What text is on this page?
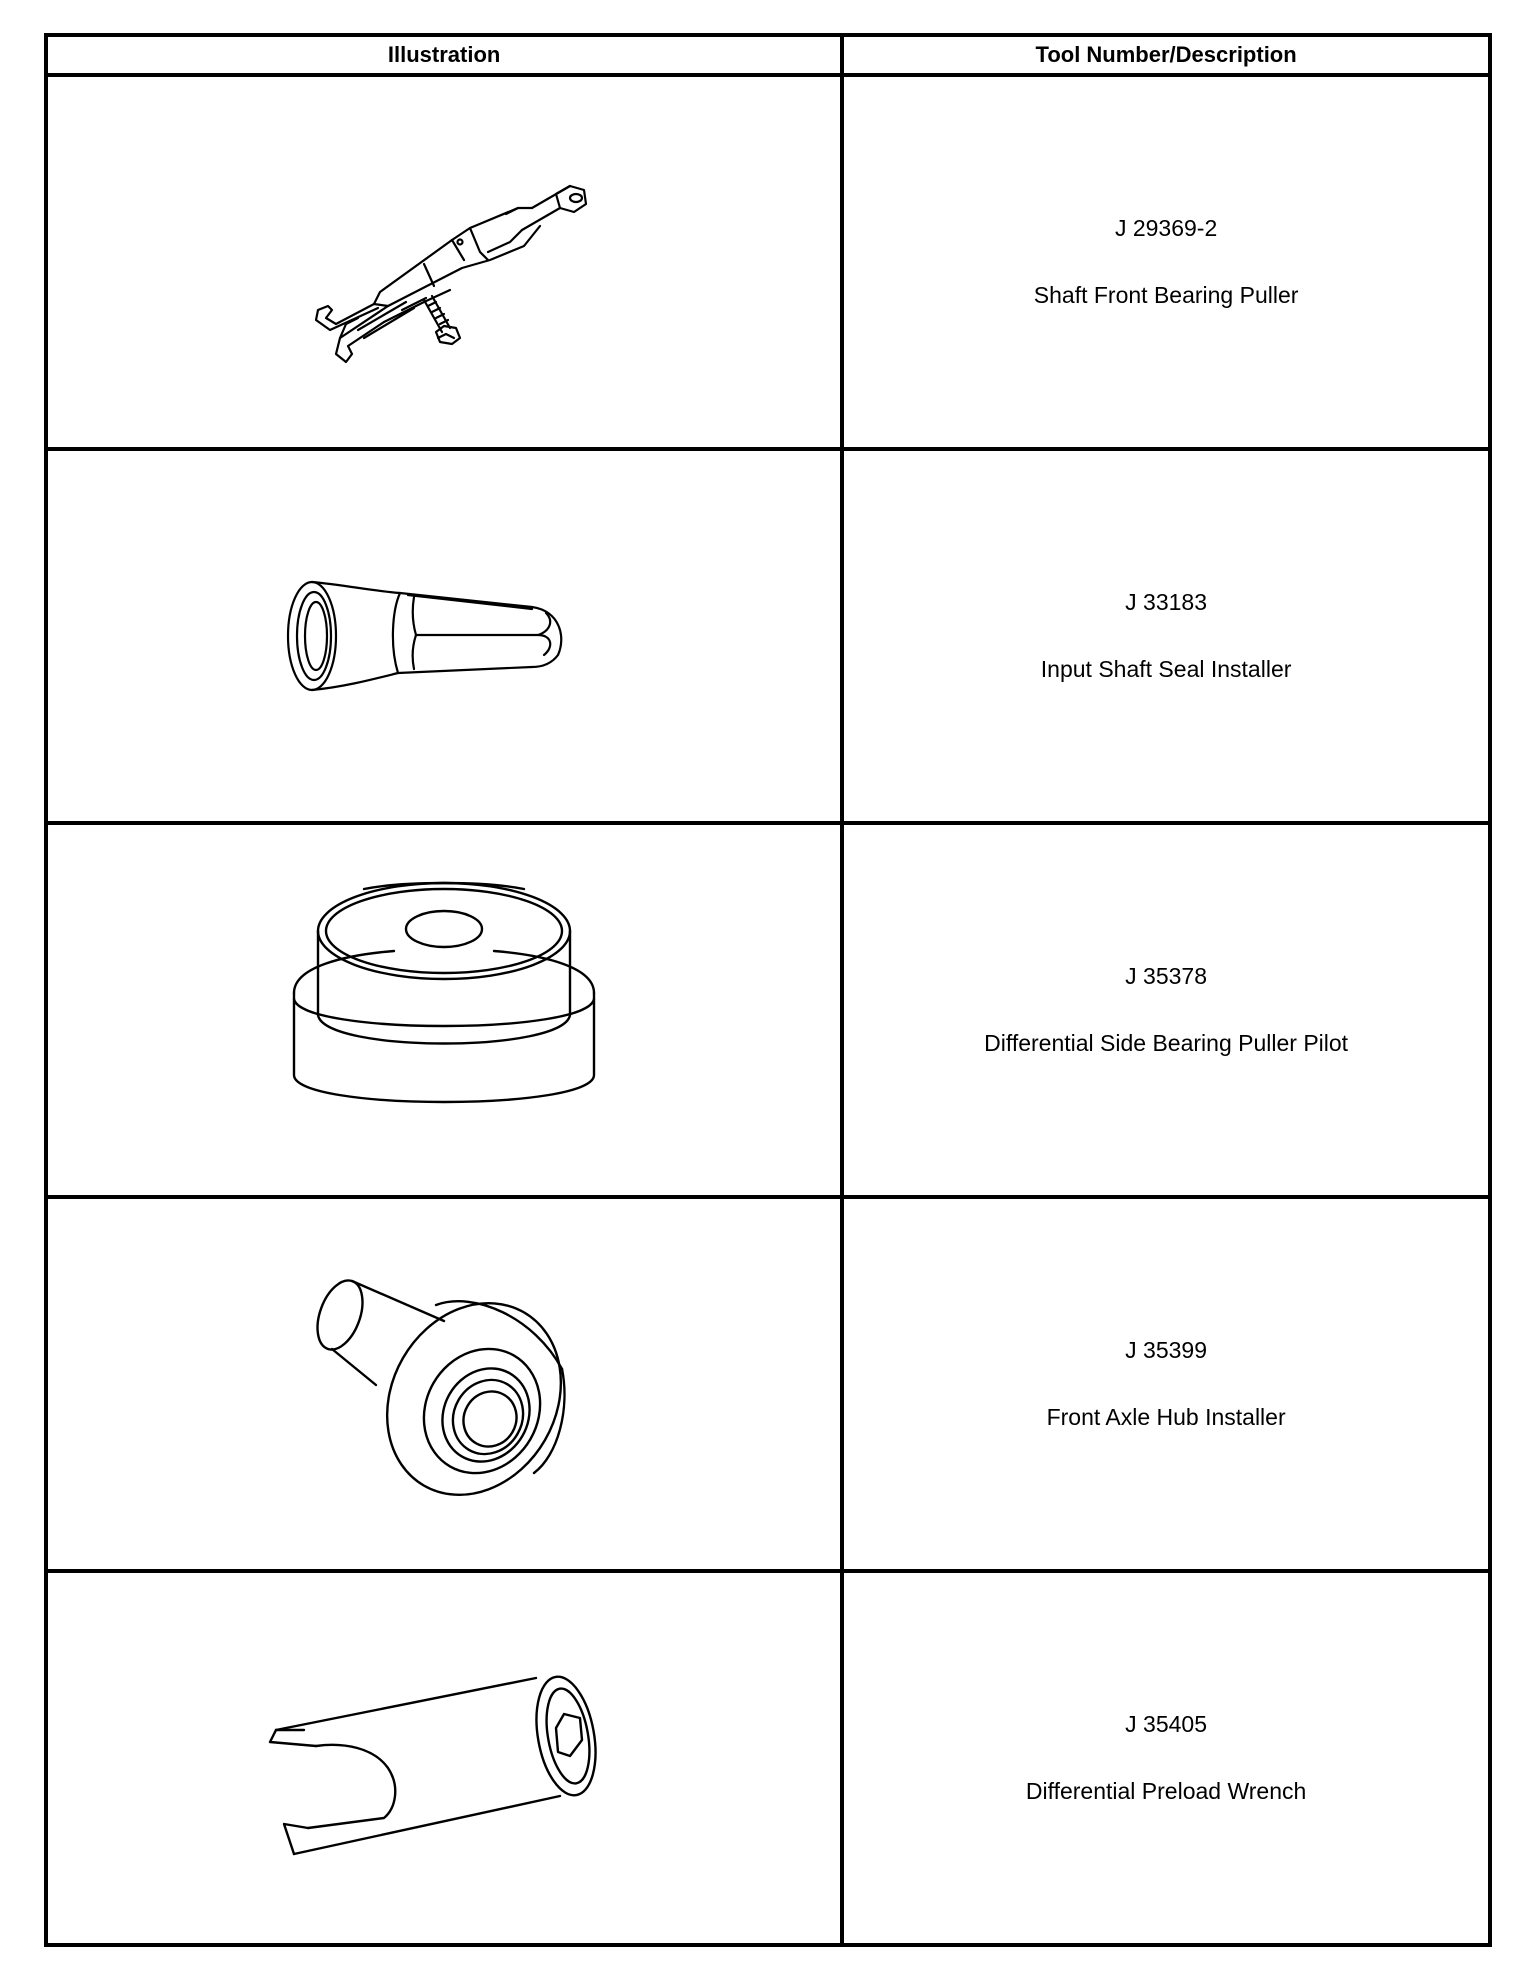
Illustration	Tool Number/Description

J 29369-2
Shaft Front Bearing Puller

J 33183
Input Shaft Seal Installer

J 35378
Differential Side Bearing Puller Pilot

J 35399
Front Axle Hub Installer

J 35405
Differential Preload Wrench
